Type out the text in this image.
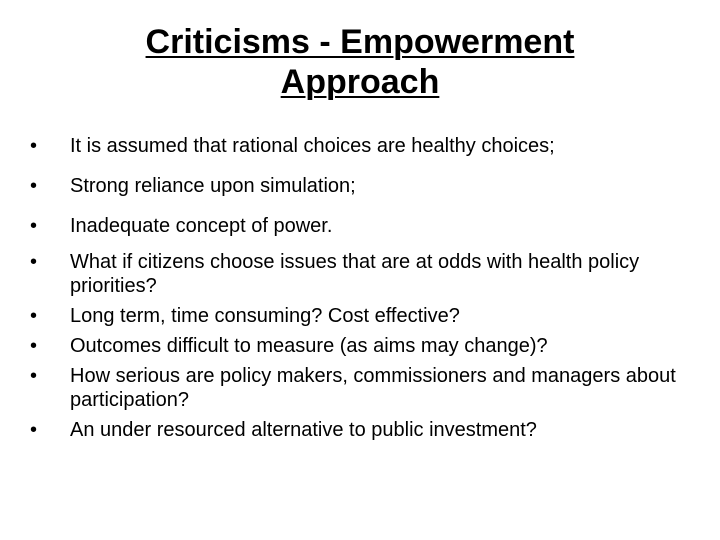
Criticisms - Empowerment
Approach
•	It is assumed that rational choices are healthy choices;
•	Strong reliance upon simulation;
•	Inadequate concept of power.
•	What if citizens choose issues that are at odds with health policy priorities?
•	Long term, time consuming? Cost effective?
•	Outcomes difficult to measure (as aims may change)?
•	How serious are policy makers, commissioners and managers about participation?
•	An under resourced alternative to public investment?
